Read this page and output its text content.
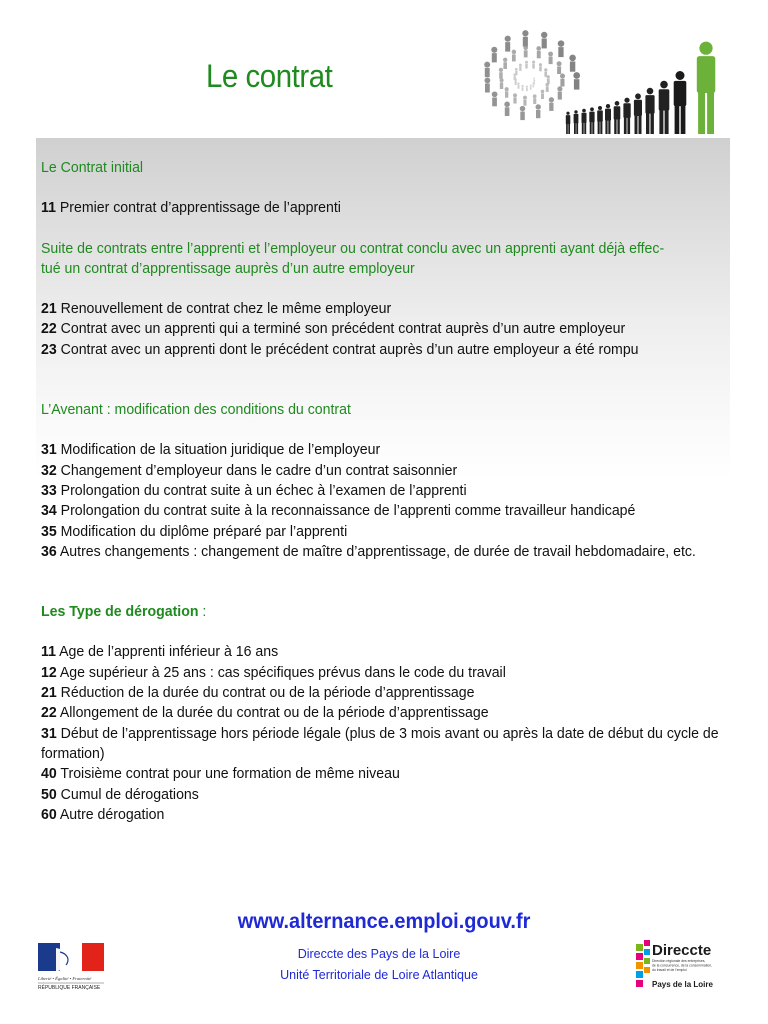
Le contrat

Le Contrat initial

11 Premier contrat d’apprentissage de l’apprenti

Suite de contrats entre l’apprenti et l’employeur ou contrat conclu avec un apprenti ayant déjà effec-
tué un contrat d’apprentissage auprès d’un autre employeur

21 Renouvellement de contrat chez le même employeur

22 Contrat avec un apprenti qui a terminé son précédent contrat auprès d’un autre employeur

23 Contrat avec un apprenti dont le précédent contrat auprès d’un autre employeur a été rompu

L’Avenant : modification des conditions du contrat

31 Modification de la situation juridique de l’employeur

32 Changement d’employeur dans le cadre d’un contrat saisonnier

33 Prolongation du contrat suite à un échec à l’examen de l’apprenti

34 Prolongation du contrat suite à la reconnaissance de l’apprenti comme travailleur handicapé

35 Modification du diplôme préparé par l’apprenti

36 Autres changements : changement de maître d’apprentissage, de durée de travail hebdomadaire, etc.

Les Type de dérogation :

11 Age de l’apprenti inférieur à 16 ans

12 Age supérieur à 25 ans : cas spécifiques prévus dans le code du travail

21 Réduction de la durée du contrat ou de la période d’apprentissage

22 Allongement de la durée du contrat ou de la période d’apprentissage

31 Début de l’apprentissage hors période légale (plus de 3 mois avant ou après la date de début du cycle de formation)

40 Troisième contrat pour une formation de même niveau

50 Cumul de dérogations

60 Autre dérogation

www.alternance.emploi.gouv.fr
Direccte des Pays de la Loire
Unité Territoriale de Loire Atlantique
Liberté • Égalité • Fraternité
RÉPUBLIQUE FRANÇAISE
Direccte
Direction régionale des entreprises,
de la concurrence, de la consommation,
du travail et de l’emploi
Pays de la Loire
